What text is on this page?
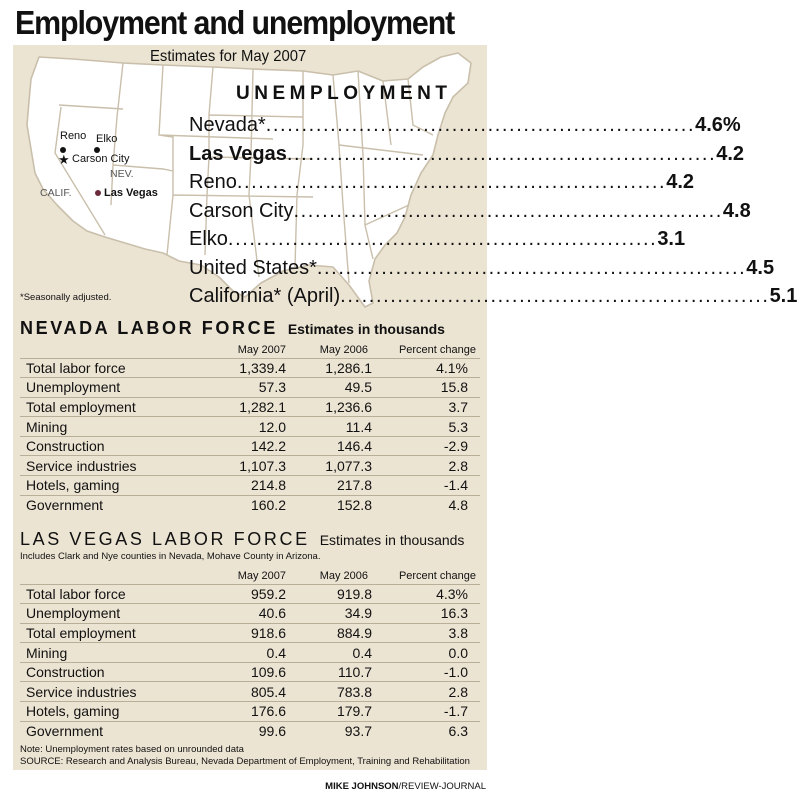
Employment and unemployment
Reno Elko
★ Carson City
NEV.
CALIF.	Las Vegas
Estimates for May 2007
UNEMPLOYMENT
Nevada* ............................................................ 4.6%
Las Vegas ............................................................ 4.2
Reno ............................................................ 4.2
Carson City ............................................................ 4.8
Elko ............................................................ 3.1
United States* ............................................................ 4.5
California* (April) ............................................................ 5.1
*Seasonally adjusted.
NEVADA LABOR FORCE Estimates in thousands
	May 2007	May 2006	Percent change
Total labor force	1,339.4	1,286.1	4.1%
Unemployment	57.3	49.5	15.8
Total employment	1,282.1	1,236.6	3.7
Mining	12.0	11.4	5.3
Construction	142.2	146.4	-2.9
Service industries	1,107.3	1,077.3	2.8
Hotels, gaming	214.8	217.8	-1.4
Government	160.2	152.8	4.8
LAS VEGAS LABOR FORCE Estimates in thousands
Includes Clark and Nye counties in Nevada, Mohave County in Arizona.
	May 2007	May 2006	Percent change
Total labor force	959.2	919.8	4.3%
Unemployment	40.6	34.9	16.3
Total employment	918.6	884.9	3.8
Mining	0.4	0.4	0.0
Construction	109.6	110.7	-1.0
Service industries	805.4	783.8	2.8
Hotels, gaming	176.6	179.7	-1.7
Government	99.6	93.7	6.3
Note: Unemployment rates based on unrounded data
SOURCE: Research and Analysis Bureau, Nevada Department of Employment, Training and Rehabilitation
MIKE JOHNSON/REVIEW-JOURNAL
